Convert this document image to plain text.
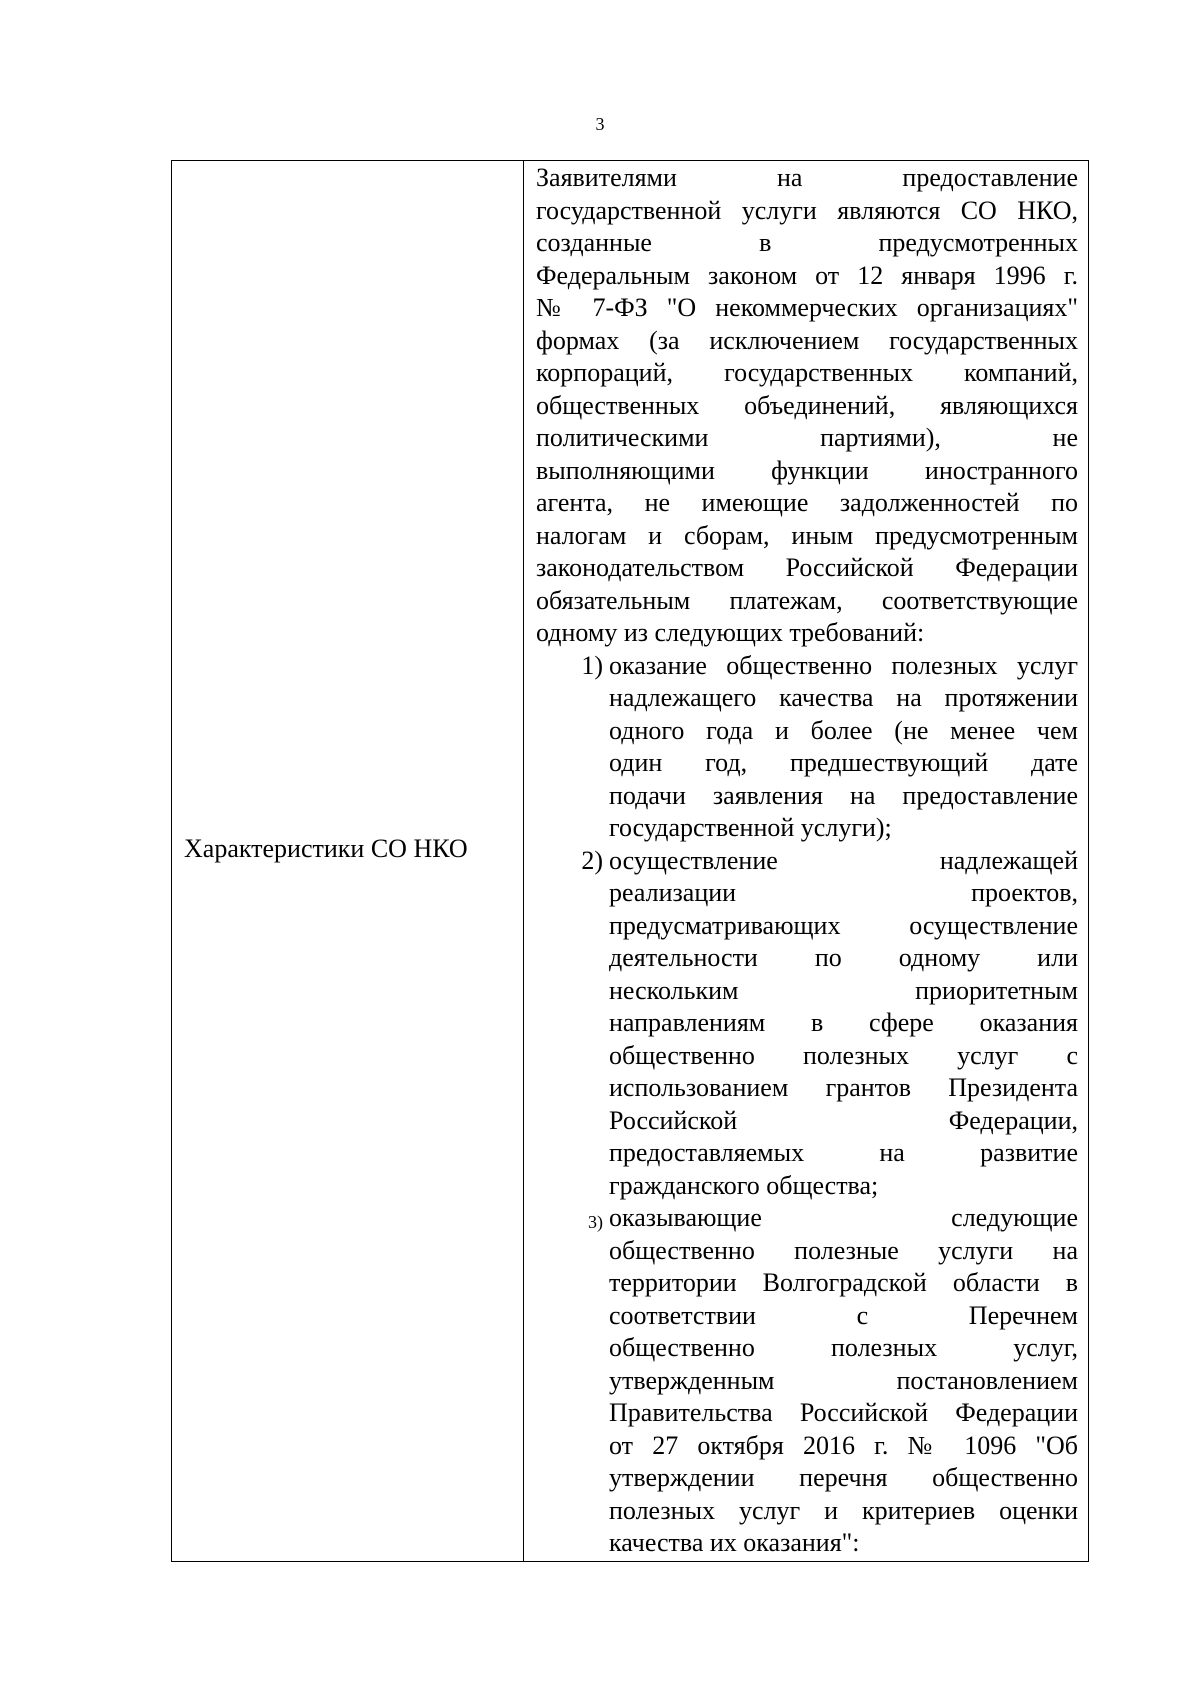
3
Характеристики СО НКО
Заявителями на предоставление
государственной услуги являются СО НКО,
созданные в предусмотренных
Федеральным законом от 12 января 1996 г.
№ 7-ФЗ "О некоммерческих организациях"
формах (за исключением государственных
корпораций, государственных компаний,
общественных объединений, являющихся
политическими партиями), не
выполняющими функции иностранного
агента, не имеющие задолженностей по
налогам и сборам, иным предусмотренным
законодательством Российской Федерации
обязательным платежам, соответствующие
одному из следующих требований:
1) оказание общественно полезных услуг
надлежащего качества на протяжении
одного года и более (не менее чем
один год, предшествующий дате
подачи заявления на предоставление
государственной услуги);
2) осуществление надлежащей
реализации проектов,
предусматривающих осуществление
деятельности по одному или
нескольким приоритетным
направлениям в сфере оказания
общественно полезных услуг с
использованием грантов Президента
Российской Федерации,
предоставляемых на развитие
гражданского общества;
3) оказывающие следующие
общественно полезные услуги на
территории Волгоградской области в
соответствии с Перечнем
общественно полезных услуг,
утвержденным постановлением
Правительства Российской Федерации
от 27 октября 2016 г. № 1096 "Об
утверждении перечня общественно
полезных услуг и критериев оценки
качества их оказания":
